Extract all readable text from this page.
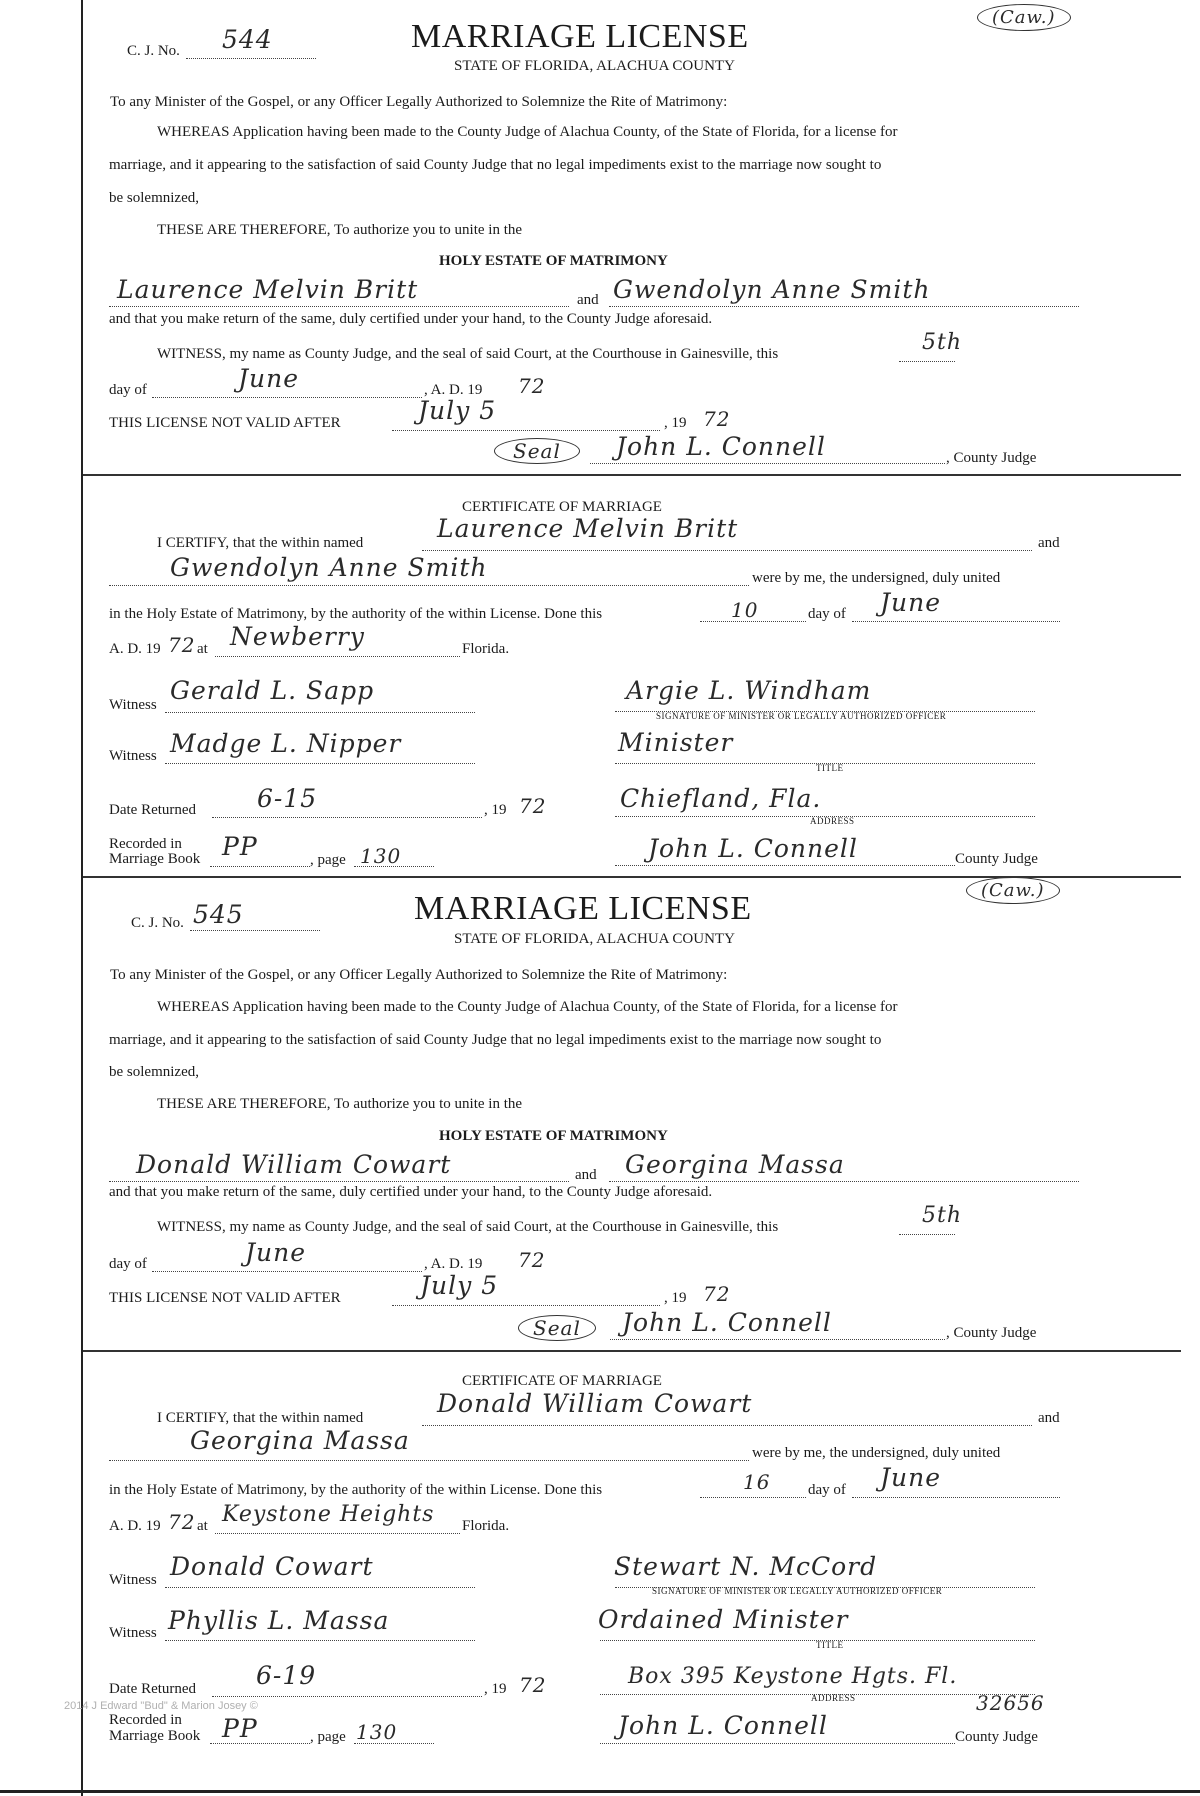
C. J. No. 544	MARRIAGE LICENSE
(Caw.)
STATE OF FLORIDA, ALACHUA COUNTY
To any Minister of the Gospel, or any Officer Legally Authorized to Solemnize the Rite of Matrimony:
WHEREAS Application having been made to the County Judge of Alachua County, of the State of Florida, for a license for
marriage, and it appearing to the satisfaction of said County Judge that no legal impediments exist to the marriage now sought to
be solemnized,
THESE ARE THEREFORE, To authorize you to unite in the
HOLY ESTATE OF MATRIMONY
Laurence Melvin Britt	and Gwendolyn Anne Smith
and that you make return of the same, duly certified under your hand, to the County Judge aforesaid.
WITNESS, my name as County Judge, and the seal of said Court, at the Courthouse in Gainesville, this	5th
day of	June	, A. D. 19 72
THIS LICENSE NOT VALID AFTER	July 5	, 19 72
Seal	John L. Connell	, County Judge
CERTIFICATE OF MARRIAGE
I CERTIFY, that the within named	Laurence Melvin Britt	and
Gwendolyn Anne Smith	were by me, the undersigned, duly united
in the Holy Estate of Matrimony, by the authority of the within License. Done this	10	day of June
A. D. 19 72 at Newberry	Florida.
Witness Gerald L. Sapp	Argie L. Windham
SIGNATURE OF MINISTER OR LEGALLY AUTHORIZED OFFICER
Witness Madge L. Nipper	Minister
TITLE
Date Returned 6-15	, 19 72	Chiefland, Fla.
ADDRESS
Recorded in
Marriage Book PP	, page 130	John L. Connell	County Judge
C. J. No. 545	MARRIAGE LICENSE	(Caw.)
STATE OF FLORIDA, ALACHUA COUNTY
To any Minister of the Gospel, or any Officer Legally Authorized to Solemnize the Rite of Matrimony:
WHEREAS Application having been made to the County Judge of Alachua County, of the State of Florida, for a license for
marriage, and it appearing to the satisfaction of said County Judge that no legal impediments exist to the marriage now sought to
be solemnized,
THESE ARE THEREFORE, To authorize you to unite in the
HOLY ESTATE OF MATRIMONY
Donald William Cowart	and Georgina Massa
and that you make return of the same, duly certified under your hand, to the County Judge aforesaid.
WITNESS, my name as County Judge, and the seal of said Court, at the Courthouse in Gainesville, this	5th
day of	June	, A. D. 19 72
THIS LICENSE NOT VALID AFTER	July 5	, 19 72
Seal	John L. Connell	, County Judge
CERTIFICATE OF MARRIAGE
I CERTIFY, that the within named	Donald William Cowart	and
Georgina Massa	were by me, the undersigned, duly united
in the Holy Estate of Matrimony, by the authority of the within License. Done this	16	day of June
A. D. 19 72 at Keystone Heights Florida.
Witness Donald Cowart	Stewart N. McCord
SIGNATURE OF MINISTER OR LEGALLY AUTHORIZED OFFICER
Witness Phyllis L. Massa	Ordained Minister
TITLE
Date Returned 6-19	, 19 72	Box 395 Keystone Hgts. Fl.
ADDRESS	32656
2014 J Edward "Bud" & Marion Josey ©
Recorded in
Marriage Book PP	, page 130	John L. Connell	County Judge
